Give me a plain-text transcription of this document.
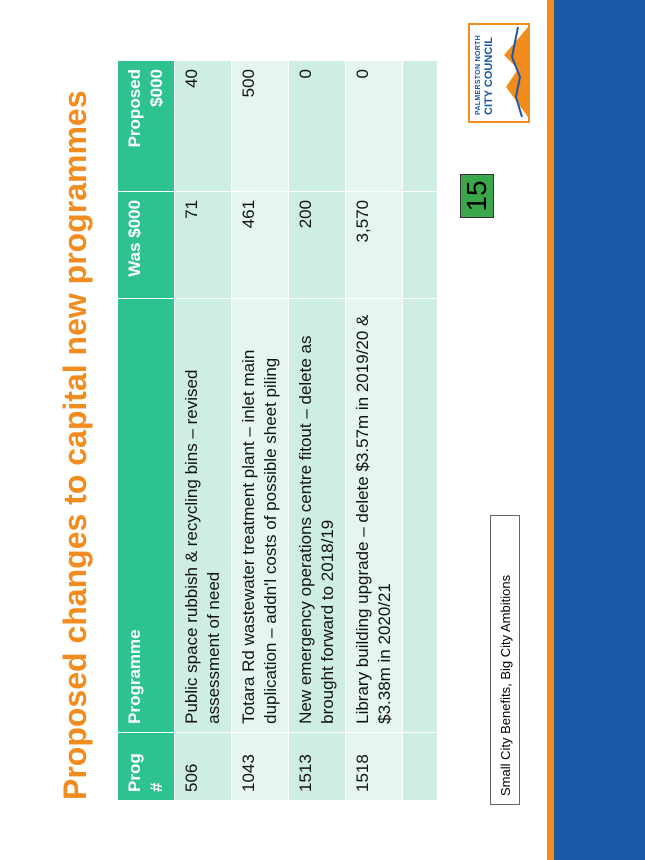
Proposed changes to capital new programmes Prog #	Programme	Was $000	Proposed $000
506	Public space rubbish & recycling bins – revised assessment of need	71	40
1043	Totara Rd wastewater treatment plant – inlet main duplication – addn'l costs of possible sheet piling	461	500
1513	New emergency operations centre fitout – delete as brought forward to 2018/19	200	0
1518	Library building upgrade – delete $3.57m in 2019/20 & $3.38m in 2020/21	3,570	0

Small City Benefits, Big City Ambitions
15
PALMERSTON NORTH CITY COUNCIL
